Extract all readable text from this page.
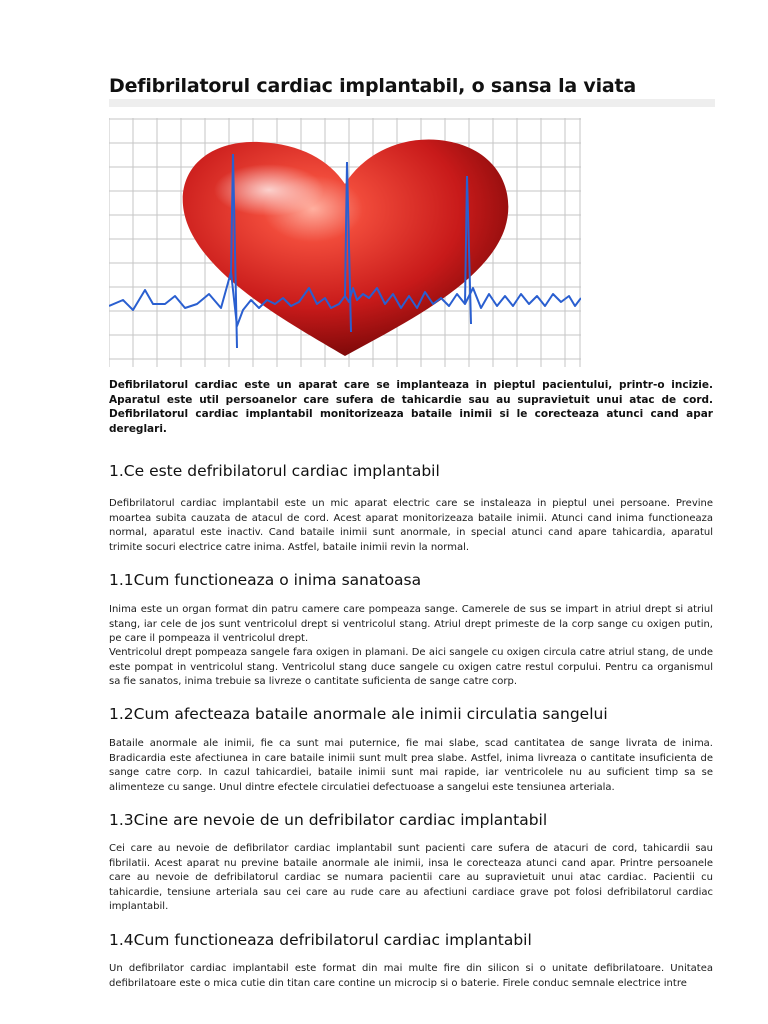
Defibrilatorul cardiac implantabil, o sansa la viata
Defibrilatorul cardiac este un aparat care se implanteaza in pieptul pacientului, printr-o incizie. Aparatul este util persoanelor care sufera de tahicardie sau au supravietuit unui atac de cord. Defibrilatorul cardiac implantabil monitorizeaza bataile inimii si le corecteaza atunci cand apar dereglari.
1.Ce este defribilatorul cardiac implantabil
Defibrilatorul cardiac implantabil este un mic aparat electric care se instaleaza in pieptul unei persoane. Previne moartea subita cauzata de atacul de cord. Acest aparat monitorizeaza bataile inimii. Atunci cand inima functioneaza normal, aparatul este inactiv. Cand bataile inimii sunt anormale, in special atunci cand apare tahicardia, aparatul trimite socuri electrice catre inima. Astfel, bataile inimii revin la normal.
1.1Cum functioneaza o inima sanatoasa
Inima este un organ format din patru camere care pompeaza sange. Camerele de sus se impart in atriul drept si atriul stang, iar cele de jos sunt ventricolul drept si ventricolul stang. Atriul drept primeste de la corp sange cu oxigen putin, pe care il pompeaza il ventricolul drept.
Ventricolul drept pompeaza sangele fara oxigen in plamani. De aici sangele cu oxigen circula catre atriul stang, de unde este pompat in ventricolul stang. Ventricolul stang duce sangele cu oxigen catre restul corpului. Pentru ca organismul sa fie sanatos, inima trebuie sa livreze o cantitate suficienta de sange catre corp.
1.2Cum afecteaza bataile anormale ale inimii circulatia sangelui
Bataile anormale ale inimii, fie ca sunt mai puternice, fie mai slabe, scad cantitatea de sange livrata de inima. Bradicardia este afectiunea in care bataile inimii sunt mult prea slabe. Astfel, inima livreaza o cantitate insuficienta de sange catre corp. In cazul tahicardiei, bataile inimii sunt mai rapide, iar ventricolele nu au suficient timp sa se alimenteze cu sange. Unul dintre efectele circulatiei defectuoase a sangelui este tensiunea arteriala.
1.3Cine are nevoie de un defribilator cardiac implantabil
Cei care au nevoie de defibrilator cardiac implantabil sunt pacienti care sufera de atacuri de cord, tahicardii sau fibrilatii. Acest aparat nu previne bataile anormale ale inimii, insa le corecteaza atunci cand apar. Printre persoanele care au nevoie de defribilatorul cardiac se numara pacientii care au supravietuit unui atac cardiac. Pacientii cu tahicardie, tensiune arteriala sau cei care au rude care au afectiuni cardiace grave pot folosi defribilatorul cardiac implantabil.
1.4Cum functioneaza defribilatorul cardiac implantabil
Un defibrilator cardiac implantabil este format din mai multe fire din silicon si o unitate defibrilatoare. Unitatea defibrilatoare este o mica cutie din titan care contine un microcip si o baterie. Firele conduc semnale electrice intre
